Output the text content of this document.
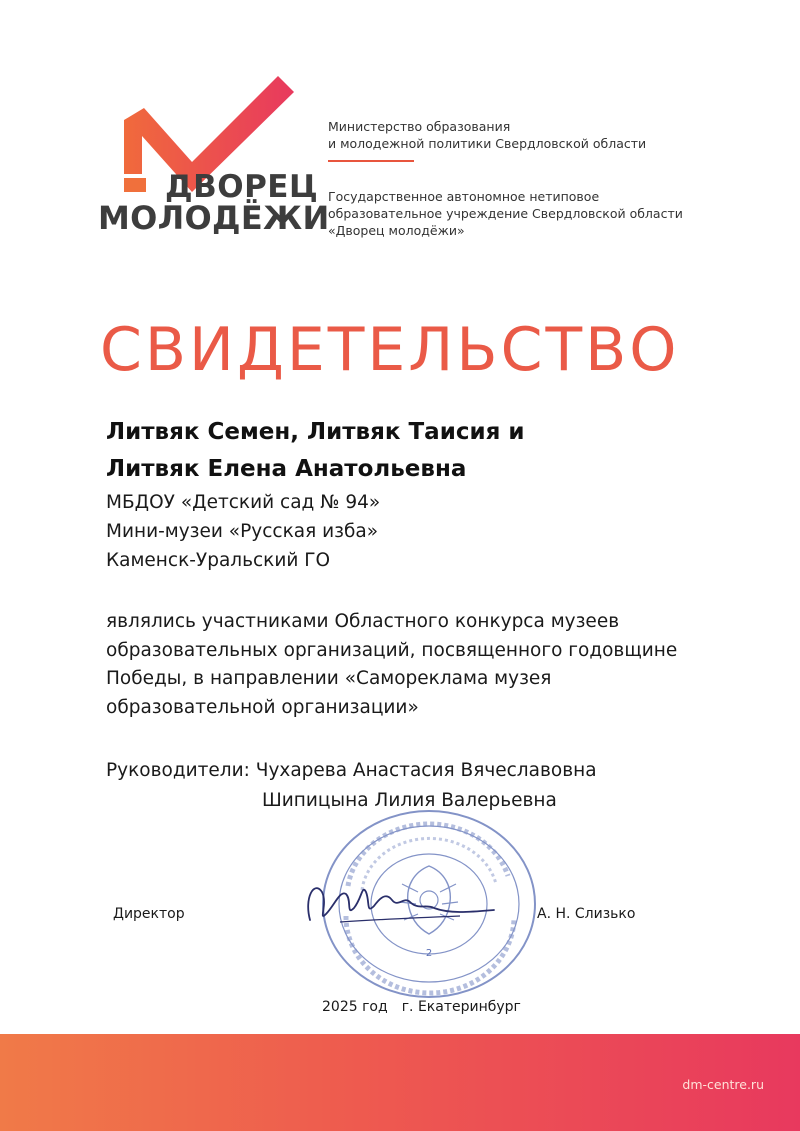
ДВОРЕЦ
МОЛОДЁЖИ
Министерство образования
и молодежной политики Свердловской области
Государственное автономное нетиповое
образовательное учреждение Свердловской области
«Дворец молодёжи»
СВИДЕТЕЛЬСТВО
Литвяк Семен, Литвяк Таисия и
Литвяк Елена Анатольевна
МБДОУ «Детский сад № 94»
Мини-музеи «Русская изба»
Каменск-Уральский ГО
являлись участниками Областного конкурса музеев
образовательных организаций, посвященного годовщине
Победы, в направлении «Самореклама музея
образовательной организации»
Руководители: Чухарева Анастасия Вячеславовна
Шипицына Лилия Валерьевна
2
Директор	А. Н. Слизько
2025 год г. Екатеринбург
dm-centre.ru
